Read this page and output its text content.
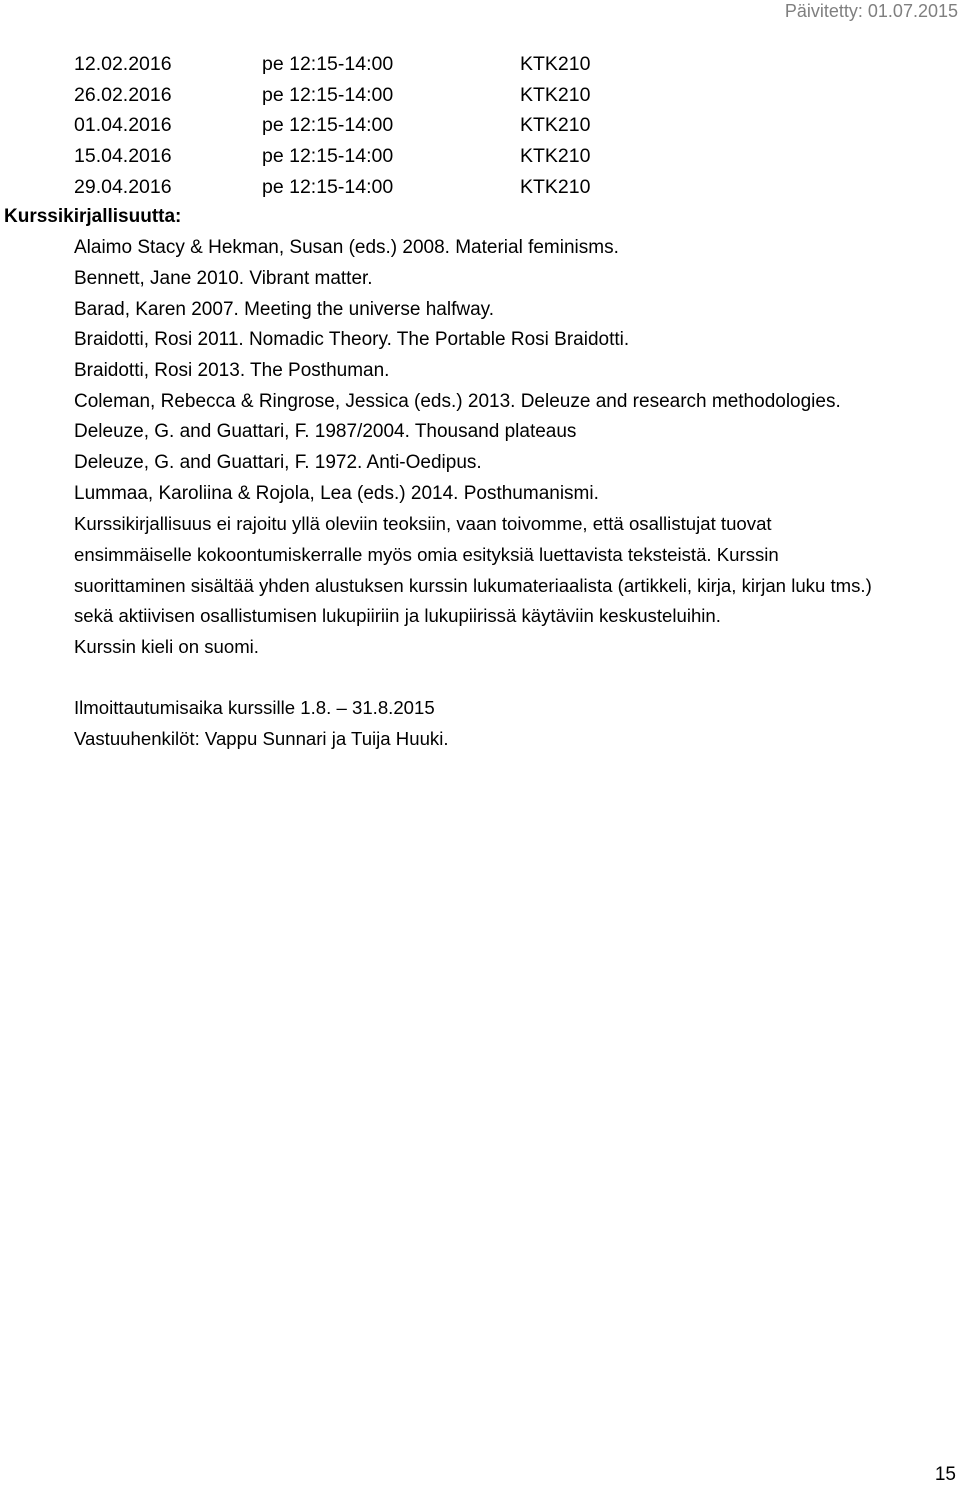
Päivitetty: 01.07.2015
12.02.2016	pe 12:15-14:00	KTK210
26.02.2016	pe 12:15-14:00	KTK210
01.04.2016	pe 12:15-14:00	KTK210
15.04.2016	pe 12:15-14:00	KTK210
29.04.2016	pe 12:15-14:00	KTK210
Kurssikirjallisuutta:
Alaimo Stacy & Hekman, Susan (eds.) 2008. Material feminisms.
Bennett, Jane 2010. Vibrant matter.
Barad, Karen 2007. Meeting the universe halfway.
Braidotti, Rosi 2011. Nomadic Theory. The Portable Rosi Braidotti.
Braidotti, Rosi 2013. The Posthuman.
Coleman, Rebecca & Ringrose, Jessica (eds.) 2013. Deleuze and research methodologies.
Deleuze, G. and Guattari, F. 1987/2004. Thousand plateaus
Deleuze, G. and Guattari, F. 1972. Anti-Oedipus.
Lummaa, Karoliina & Rojola, Lea (eds.) 2014. Posthumanismi.
Kurssikirjallisuus ei rajoitu yllä oleviin teoksiin, vaan toivomme, että osallistujat tuovat
ensimmäiselle kokoontumiskerralle myös omia esityksiä luettavista teksteistä. Kurssin
suorittaminen sisältää yhden alustuksen kurssin lukumateriaalista (artikkeli, kirja, kirjan luku tms.)
sekä aktiivisen osallistumisen lukupiiriin ja lukupiirissä käytäviin keskusteluihin.
Kurssin kieli on suomi.
Ilmoittautumisaika kurssille 1.8. – 31.8.2015
Vastuuhenkilöt: Vappu Sunnari ja Tuija Huuki.
15
